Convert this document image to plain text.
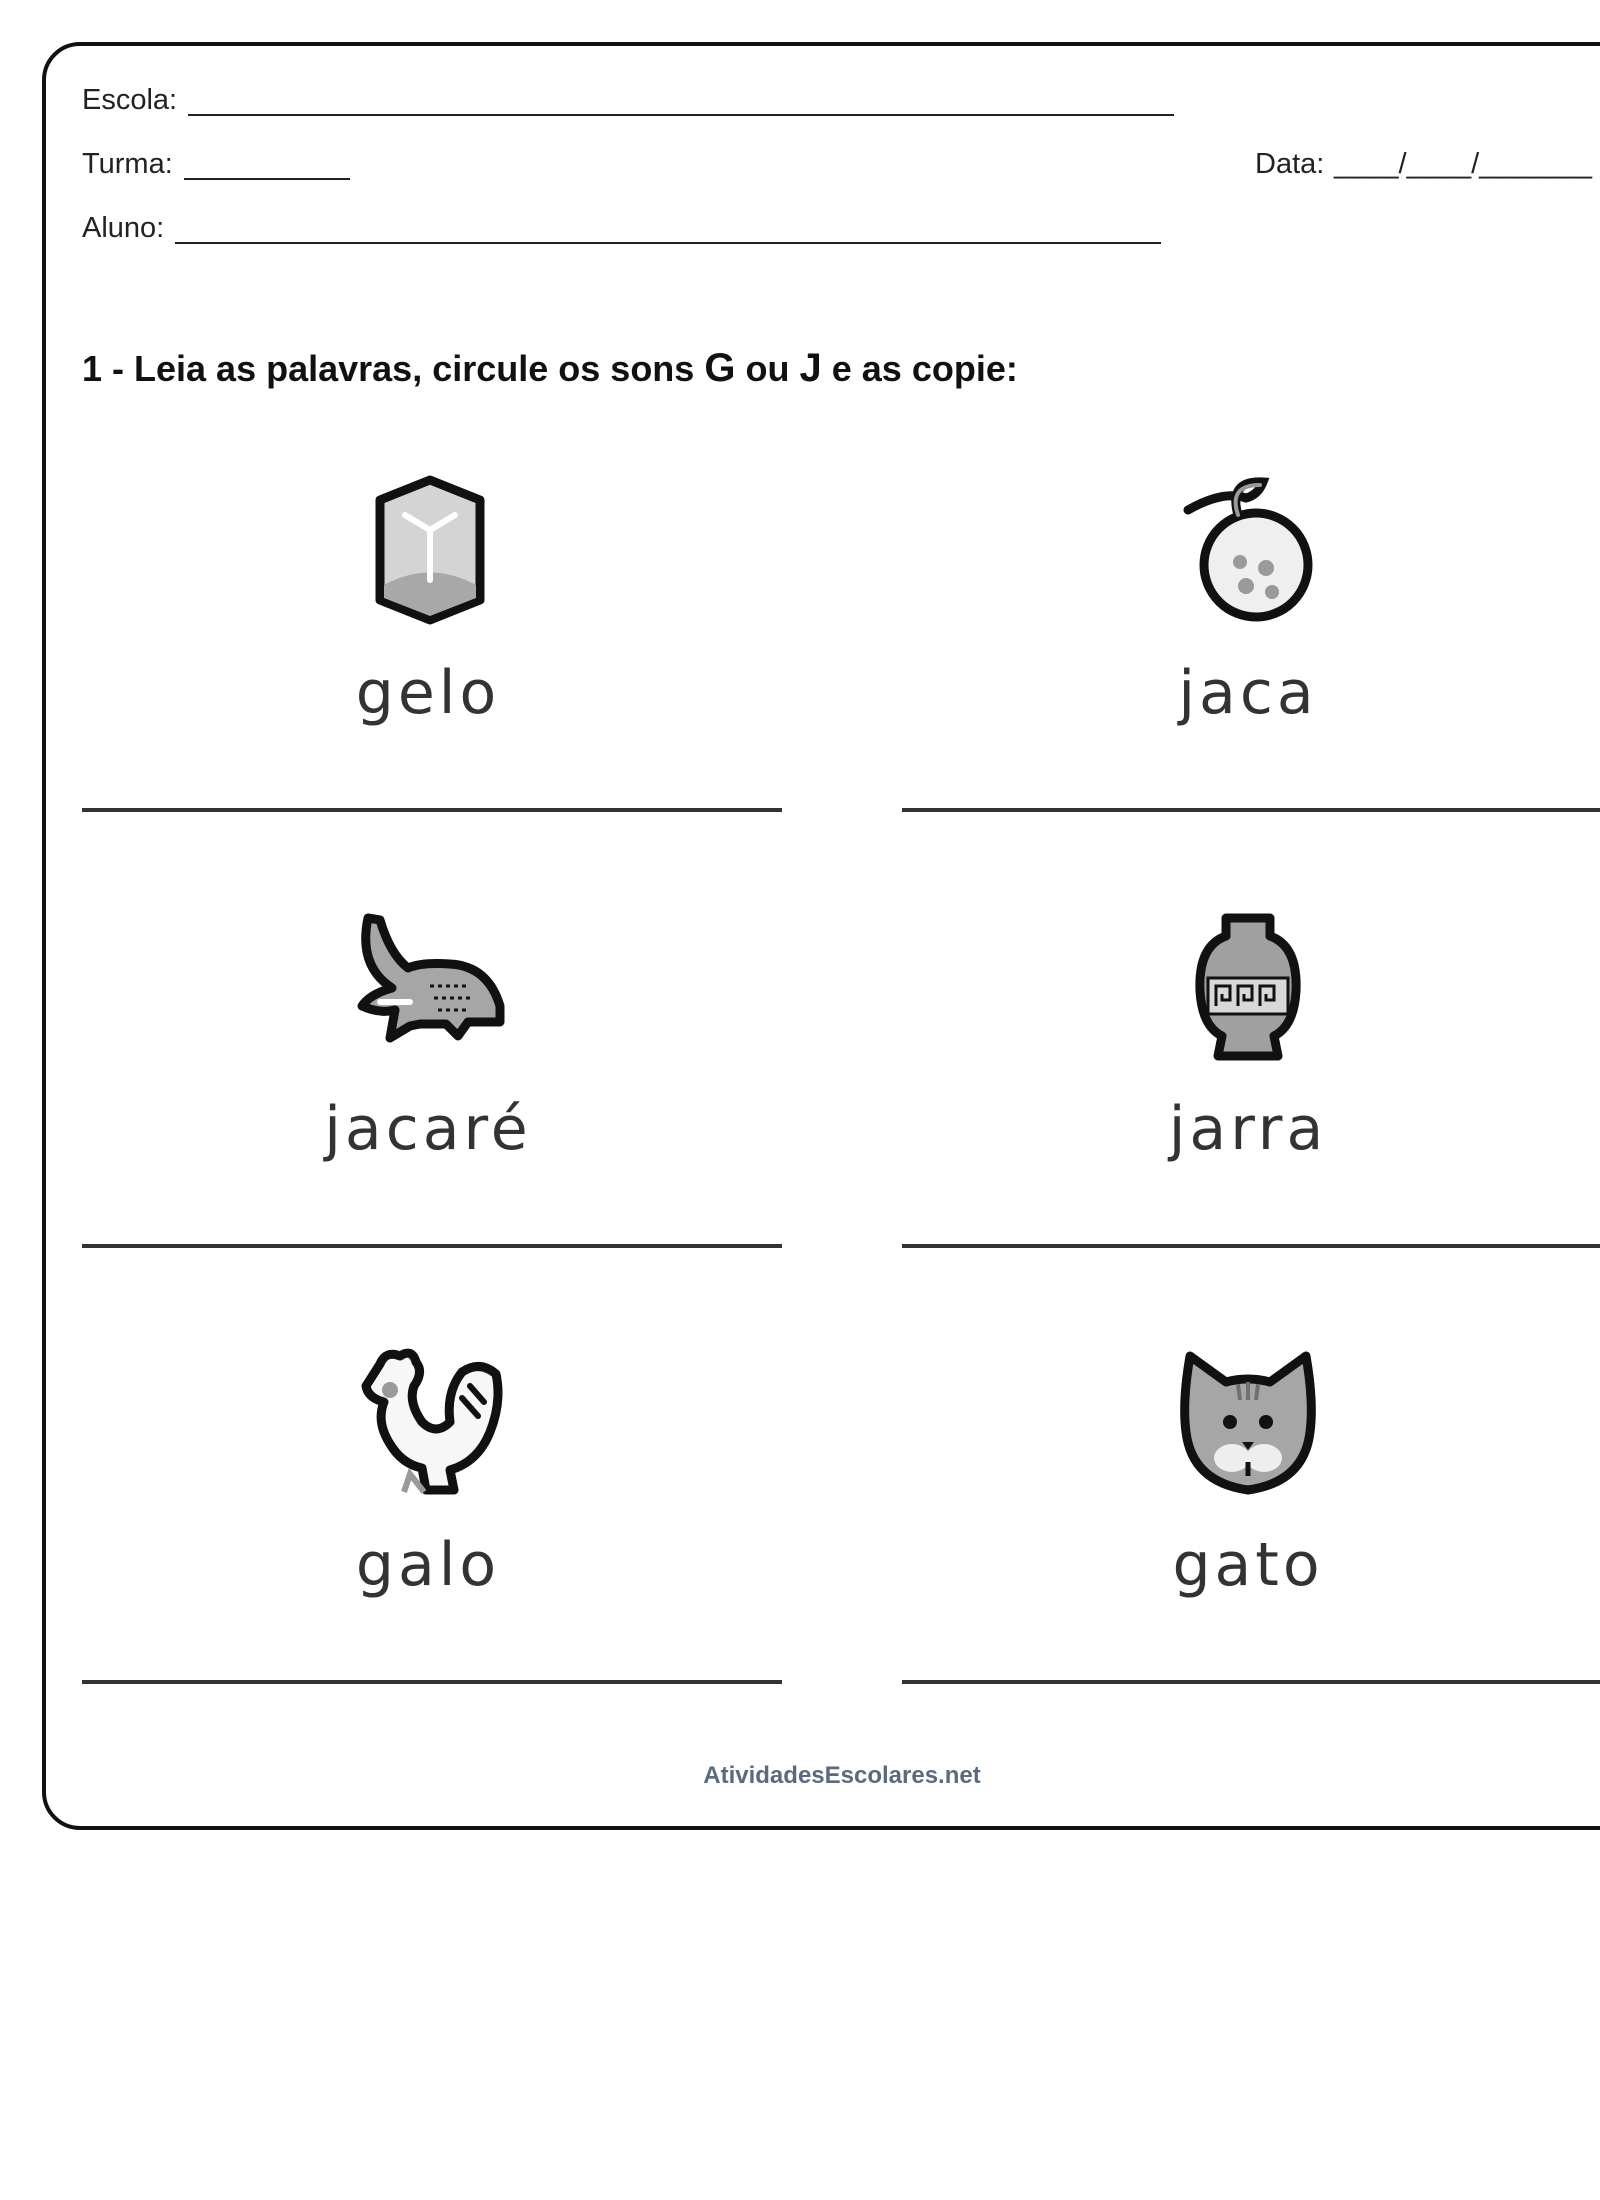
Escola:
Turma:	Data: ____/____/_______
Aluno:
1 - Leia as palavras, circule os sons G ou J e as copie:
gelo	jaca
jacaré	jarra
galo	gato
AtividadesEscolares.net
